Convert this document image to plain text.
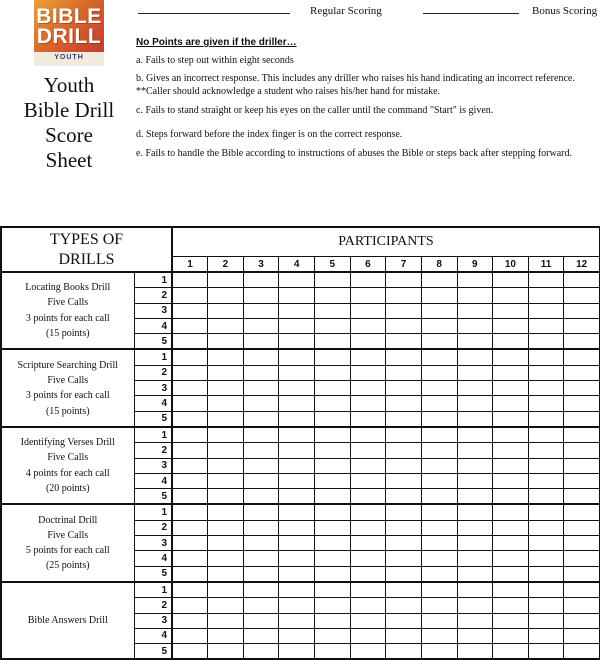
BIBLE
DRILL
YOUTH
Youth
Bible Drill
Score
Sheet
Regular Scoring	Bonus Scoring
No Points are given if the driller…
a. Fails to step out within eight seconds
b. Gives an incorrect response. This includes any driller who raises his hand indicating an incorrect reference. **Caller should acknowledge a student who raises his/her hand for mistake.
c. Fails to stand straight or keep his eyes on the caller until the command "Start" is given.
d. Steps forward before the index finger is on the correct response.
e. Fails to handle the Bible according to instructions of abuses the Bible or steps back after stepping forward.
TYPES OF
DRILLS		PARTICIPANTS											
		1	2	3	4	5	6	7	8	9	10	11	12

Locating Books Drill
Five Calls
3 points for each call
(15 points)	1												
	2												
	3												
	4												
	5												

Scripture Searching Drill
Five Calls
3 points for each call
(15 points)	1												
	2												
	3												
	4												
	5												

Identifying Verses Drill
Five Calls
4 points for each call
(20 points)	1												
	2												
	3												
	4												
	5												

Doctrinal Drill
Five Calls
5 points for each call
(25 points)	1												
	2												
	3												
	4												
	5												

Bible Answers Drill	1												
	2												
	3												
	4												
	5												
